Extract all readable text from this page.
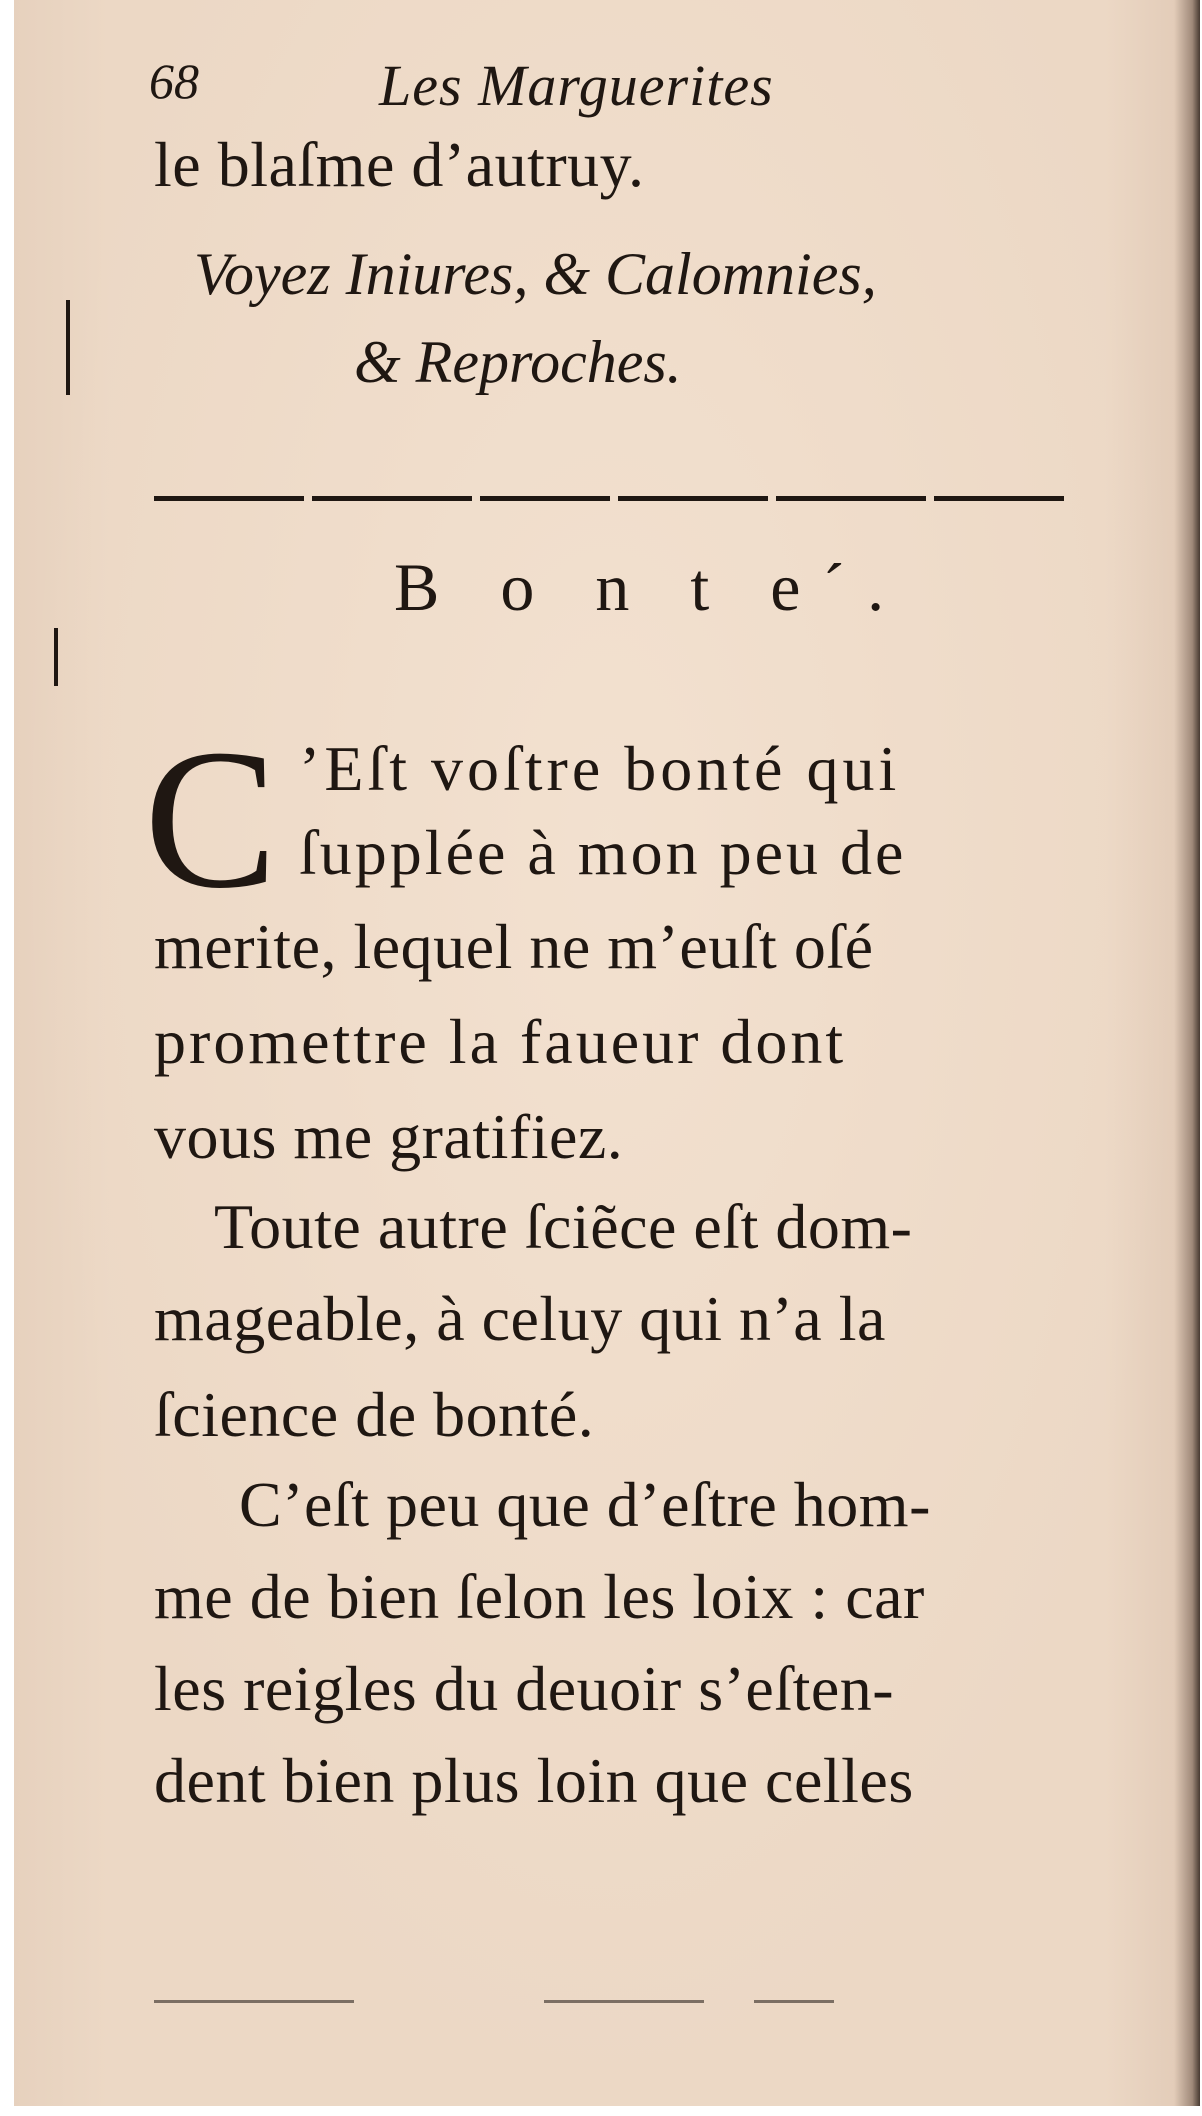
68	Les Marguerites
le blaſme d’autruy.
Voyez Iniures, & Calomnies,
& Reproches.
B o n t e´.
C ’Eſt voſtre bonté qui
ſupplée à mon peu de
merite, lequel ne m’euſt oſé
promettre la faueur dont
vous me gratifiez.
Toute autre ſciẽce eſt dom-
mageable, à celuy qui n’a la
ſcience de bonté.
C’eſt peu que d’eſtre hom-
me de bien ſelon les loix : car
les reigles du deuoir s’eſten-
dent bien plus loin que celles
